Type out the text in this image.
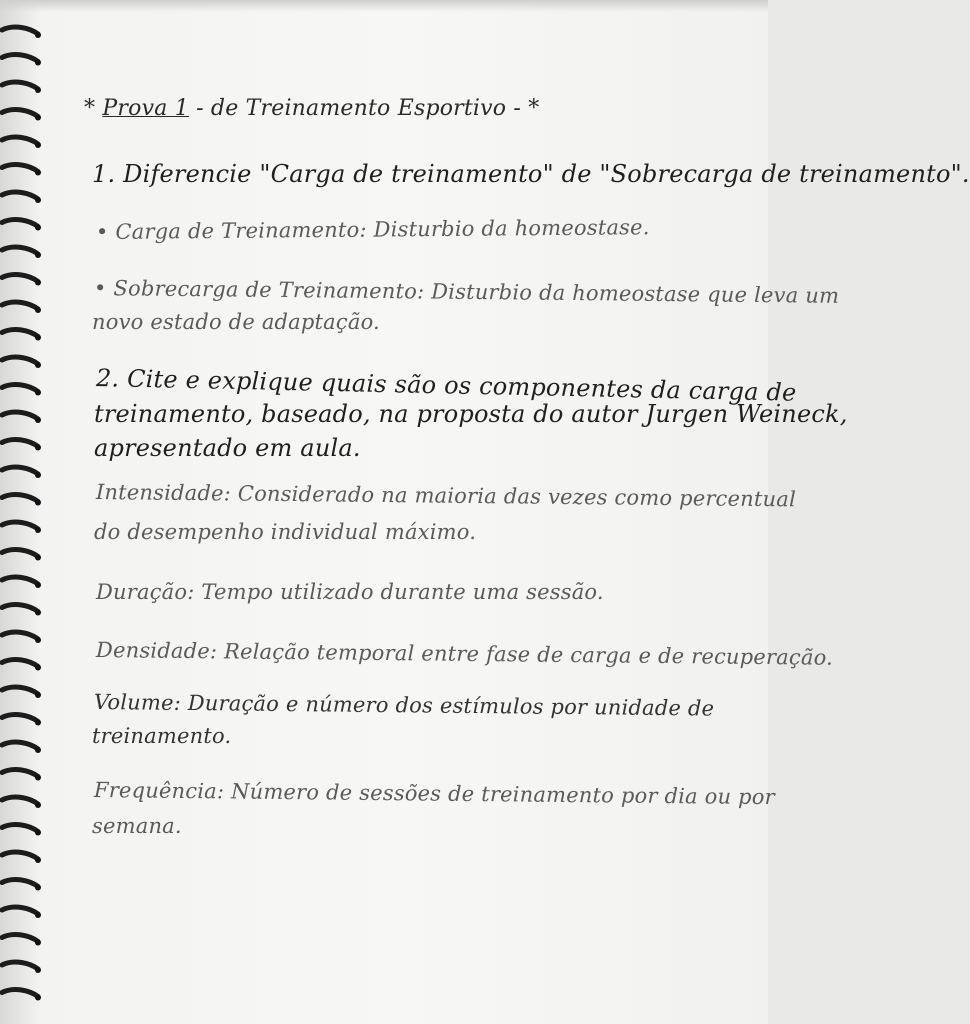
* Prova 1 - de Treinamento Esportivo - *
1. Diferencie "Carga de treinamento" de "Sobrecarga de treinamento".
• Carga de Treinamento: Disturbio da homeostase.
• Sobrecarga de Treinamento: Disturbio da homeostase que leva um
novo estado de adaptação.
2. Cite e explique quais são os componentes da carga de
treinamento, baseado, na proposta do autor Jurgen Weineck,
apresentado em aula.
Intensidade: Considerado na maioria das vezes como percentual
do desempenho individual máximo.
Duração: Tempo utilizado durante uma sessão.
Densidade: Relação temporal entre fase de carga e de recuperação.
Volume: Duração e número dos estímulos por unidade de
treinamento.
Frequência: Número de sessões de treinamento por dia ou por
semana.
